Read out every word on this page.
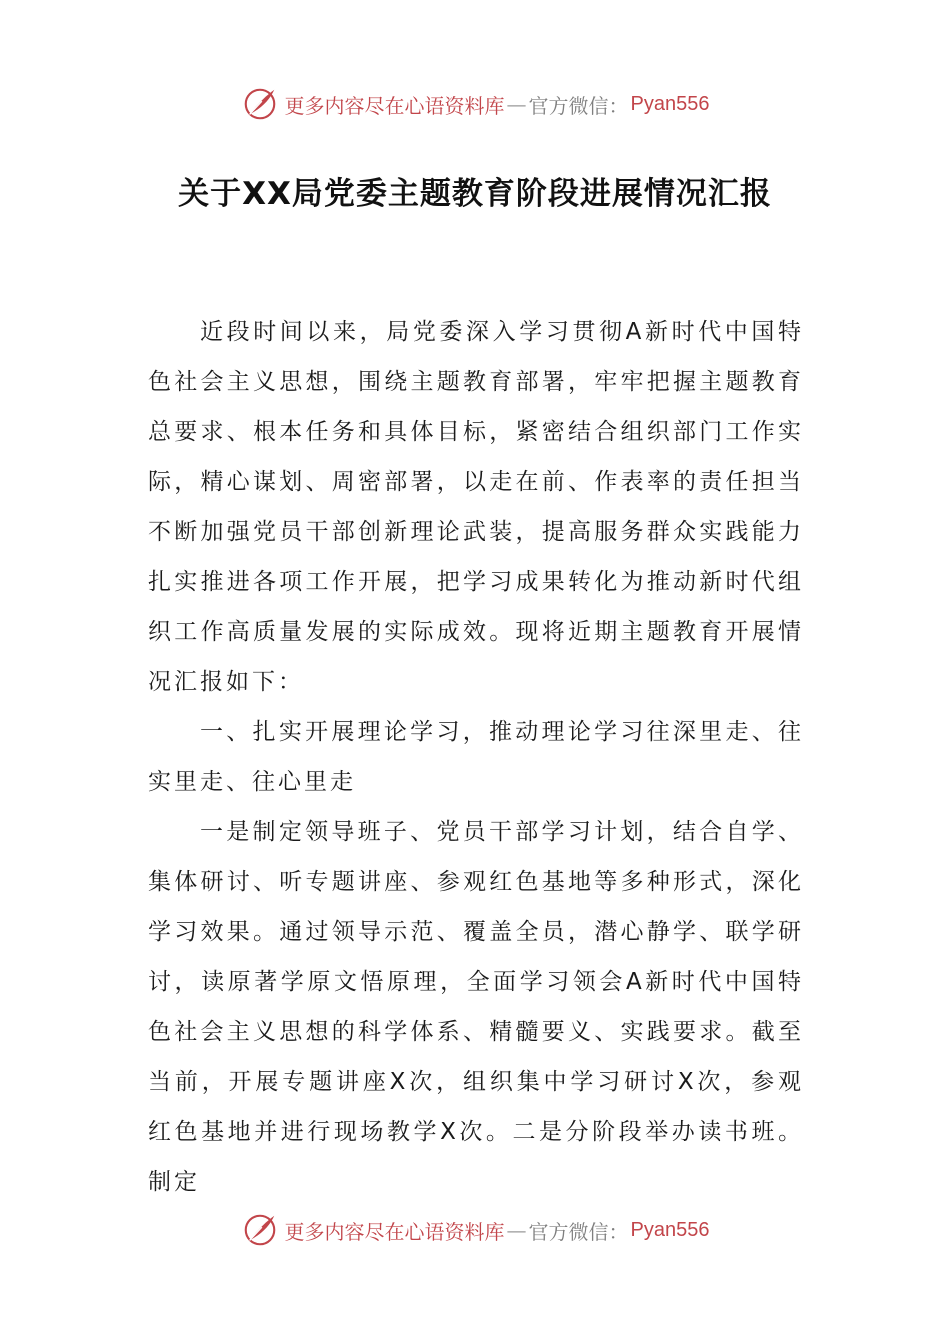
更多内容尽在心语资料库 — 官方微信： Pyan556
关于XX局党委主题教育阶段进展情况汇报

近段时间以来，局党委深入学习贯彻A新时代中国特色社会主义思想，围绕主题教育部署，牢牢把握主题教育总要求、根本任务和具体目标，紧密结合组织部门工作实际，精心谋划、周密部署，以走在前、作表率的责任担当不断加强党员干部创新理论武装，提高服务群众实践能力扎实推进各项工作开展，把学习成果转化为推动新时代组织工作高质量发展的实际成效。现将近期主题教育开展情况汇报如下：

一、扎实开展理论学习，推动理论学习往深里走、往实里走、往心里走

一是制定领导班子、党员干部学习计划，结合自学、集体研讨、听专题讲座、参观红色基地等多种形式，深化学习效果。通过领导示范、覆盖全员，潜心静学、联学研讨，读原著学原文悟原理，全面学习领会A新时代中国特色社会主义思想的科学体系、精髓要义、实践要求。截至当前，开展专题讲座X次，组织集中学习研讨X次，参观红色基地并进行现场教学X次。二是分阶段举办读书班。制定

更多内容尽在心语资料库 — 官方微信： Pyan556
